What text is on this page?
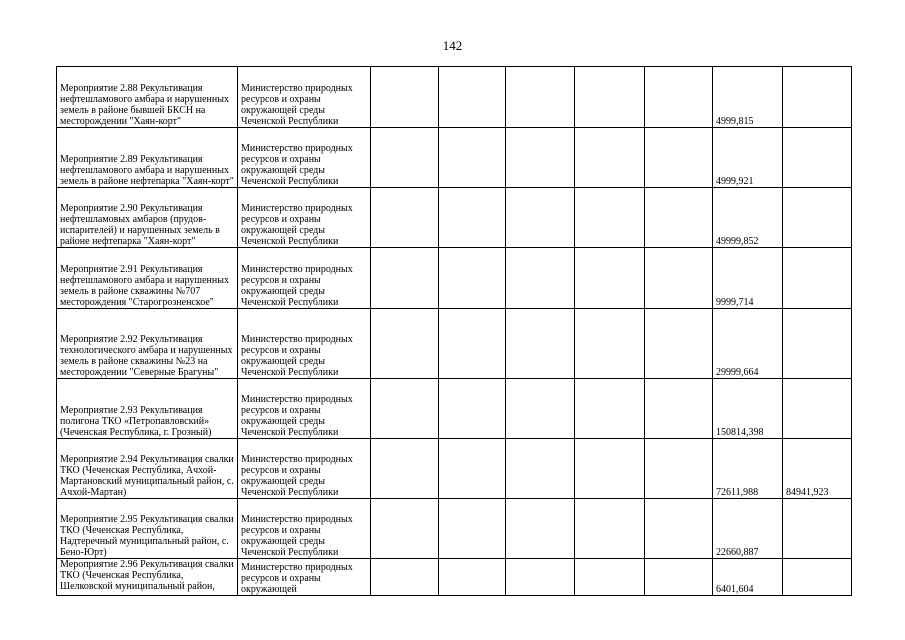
142
Мероприятие 2.88 Рекультивация нефтешламового амбара и нарушенных земель в районе бывшей БКСН на месторождении "Хаян-корт"	Министерство природных ресурсов и охраны окружающей среды Чеченской Республики						4999,815	
Мероприятие 2.89 Рекультивация нефтешламового амбара и нарушенных земель в районе нефтепарка "Хаян-корт"	Министерство природных ресурсов и охраны окружающей среды Чеченской Республики						4999,921	
Мероприятие 2.90 Рекультивация нефтешламовых амбаров (прудов-испарителей) и нарушенных земель в районе нефтепарка "Хаян-корт"	Министерство природных ресурсов и охраны окружающей среды Чеченской Республики						49999,852	
Мероприятие 2.91 Рекультивация нефтешламового амбара и нарушенных земель в районе скважины №707 месторождения "Старогрозненское"	Министерство природных ресурсов и охраны окружающей среды Чеченской Республики						9999,714	
Мероприятие 2.92 Рекультивация технологического амбара и нарушенных земель в районе скважины №23 на месторождении "Северные Брагуны"	Министерство природных ресурсов и охраны окружающей среды Чеченской Республики						29999,664	
Мероприятие 2.93 Рекультивация полигона ТКО «Петропавловский» (Чеченская Республика, г. Грозный)	Министерство природных ресурсов и охраны окружающей среды Чеченской Республики						150814,398	
Мероприятие 2.94 Рекультивация свалки ТКО (Чеченская Республика, Ачхой-Мартановский муниципальный район, с. Ачхой-Мартан)	Министерство природных ресурсов и охраны окружающей среды Чеченской Республики						72611,988	84941,923
Мероприятие 2.95 Рекультивация свалки ТКО (Чеченская Республика, Надтеречный муниципальный район, с. Бено-Юрт)	Министерство природных ресурсов и охраны окружающей среды Чеченской Республики						22660,887	
Мероприятие 2.96 Рекультивация свалки ТКО (Чеченская Республика, Шелковской муниципальный район,	Министерство природных ресурсов и охраны окружающей						6401,604	
